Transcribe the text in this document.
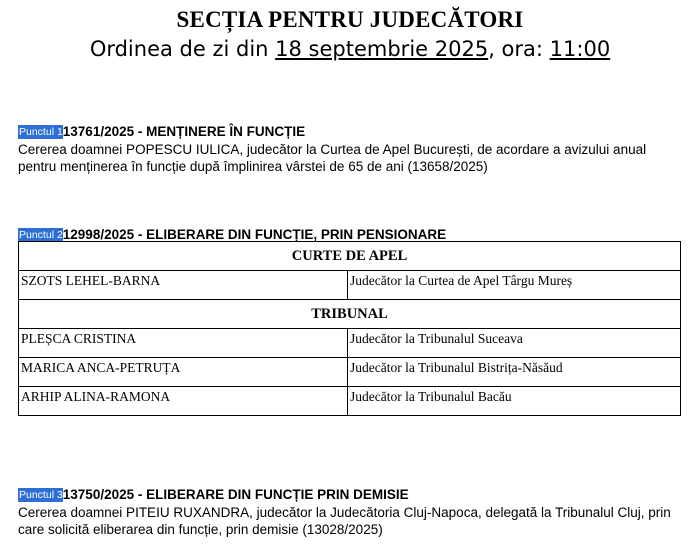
SECȚIA PENTRU JUDECĂTORI
Ordinea de zi din 18 septembrie 2025, ora: 11:00
Punctul 113761/2025 - MENȚINERE ÎN FUNCȚIE
Cererea doamnei POPESCU IULICA, judecător la Curtea de Apel București, de acordare a avizului anual pentru menținerea în funcție după împlinirea vârstei de 65 de ani (13658/2025)
Punctul 212998/2025 - ELIBERARE DIN FUNCȚIE, PRIN PENSIONARE
CURTE DE APEL	

SZOTS LEHEL-BARNA	Judecător la Curtea de Apel Târgu Mureș

TRIBUNAL	

PLEȘCA CRISTINA	Judecător la Tribunalul Suceava

MARICA ANCA-PETRUȚA	Judecător la Tribunalul Bistrița-Năsăud

ARHIP ALINA-RAMONA	Judecător la Tribunalul Bacău
Punctul 313750/2025 - ELIBERARE DIN FUNCȚIE PRIN DEMISIE
Cererea doamnei PITEIU RUXANDRA, judecător la Judecătoria Cluj-Napoca, delegată la Tribunalul Cluj, prin care solicită eliberarea din funcție, prin demisie (13028/2025)
